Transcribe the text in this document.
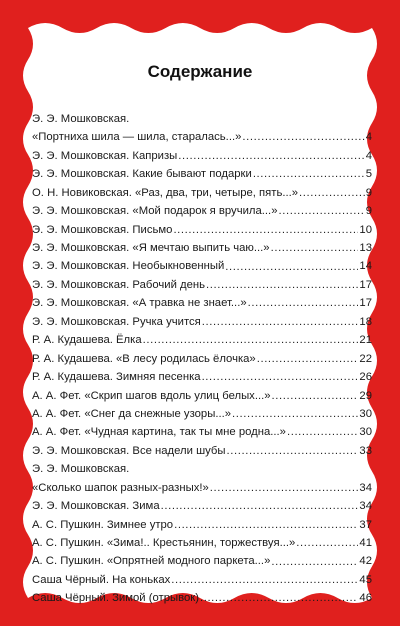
Содержание
Э. Э. Мошковская.
«Портниха шила — шила, старалась...» .....	4
Э. Э. Мошковская. Капризы .....	4
Э. Э. Мошковская. Какие бывают подарки .....	5
О. Н. Новиковская. «Раз, два, три, четыре, пять...» .....	9
Э. Э. Мошковская. «Мой подарок я вручила...» .....	9
Э. Э. Мошковская. Письмо .....	10
Э. Э. Мошковская. «Я мечтаю выпить чаю...» .....	13
Э. Э. Мошковская. Необыкновенный .....	14
Э. Э. Мошковская. Рабочий день .....	17
Э. Э. Мошковская. «А травка не знает...» .....	17
Э. Э. Мошковская. Ручка учится .....	18
Р. А. Кудашева. Ёлка .....	21
Р. А. Кудашева. «В лесу родилась ёлочка» .....	22
Р. А. Кудашева. Зимняя песенка .....	26
А. А. Фет. «Скрип шагов вдоль улиц белых...» .....	29
А. А. Фет. «Снег да снежные узоры...» .....	30
А. А. Фет. «Чудная картина, так ты мне родна...» .....	30
Э. Э. Мошковская. Все надели шубы .....	33
Э. Э. Мошковская.
«Сколько шапок разных-разных!» .....	34
Э. Э. Мошковская. Зима .....	34
А. С. Пушкин. Зимнее утро .....	37
А. С. Пушкин. «Зима!.. Крестьянин, торжествуя...» .....	41
А. С. Пушкин. «Опрятней модного паркета...» .....	42
Саша Чёрный. На коньках .....	45
Саша Чёрный. Зимой (отрывок) .....	46
